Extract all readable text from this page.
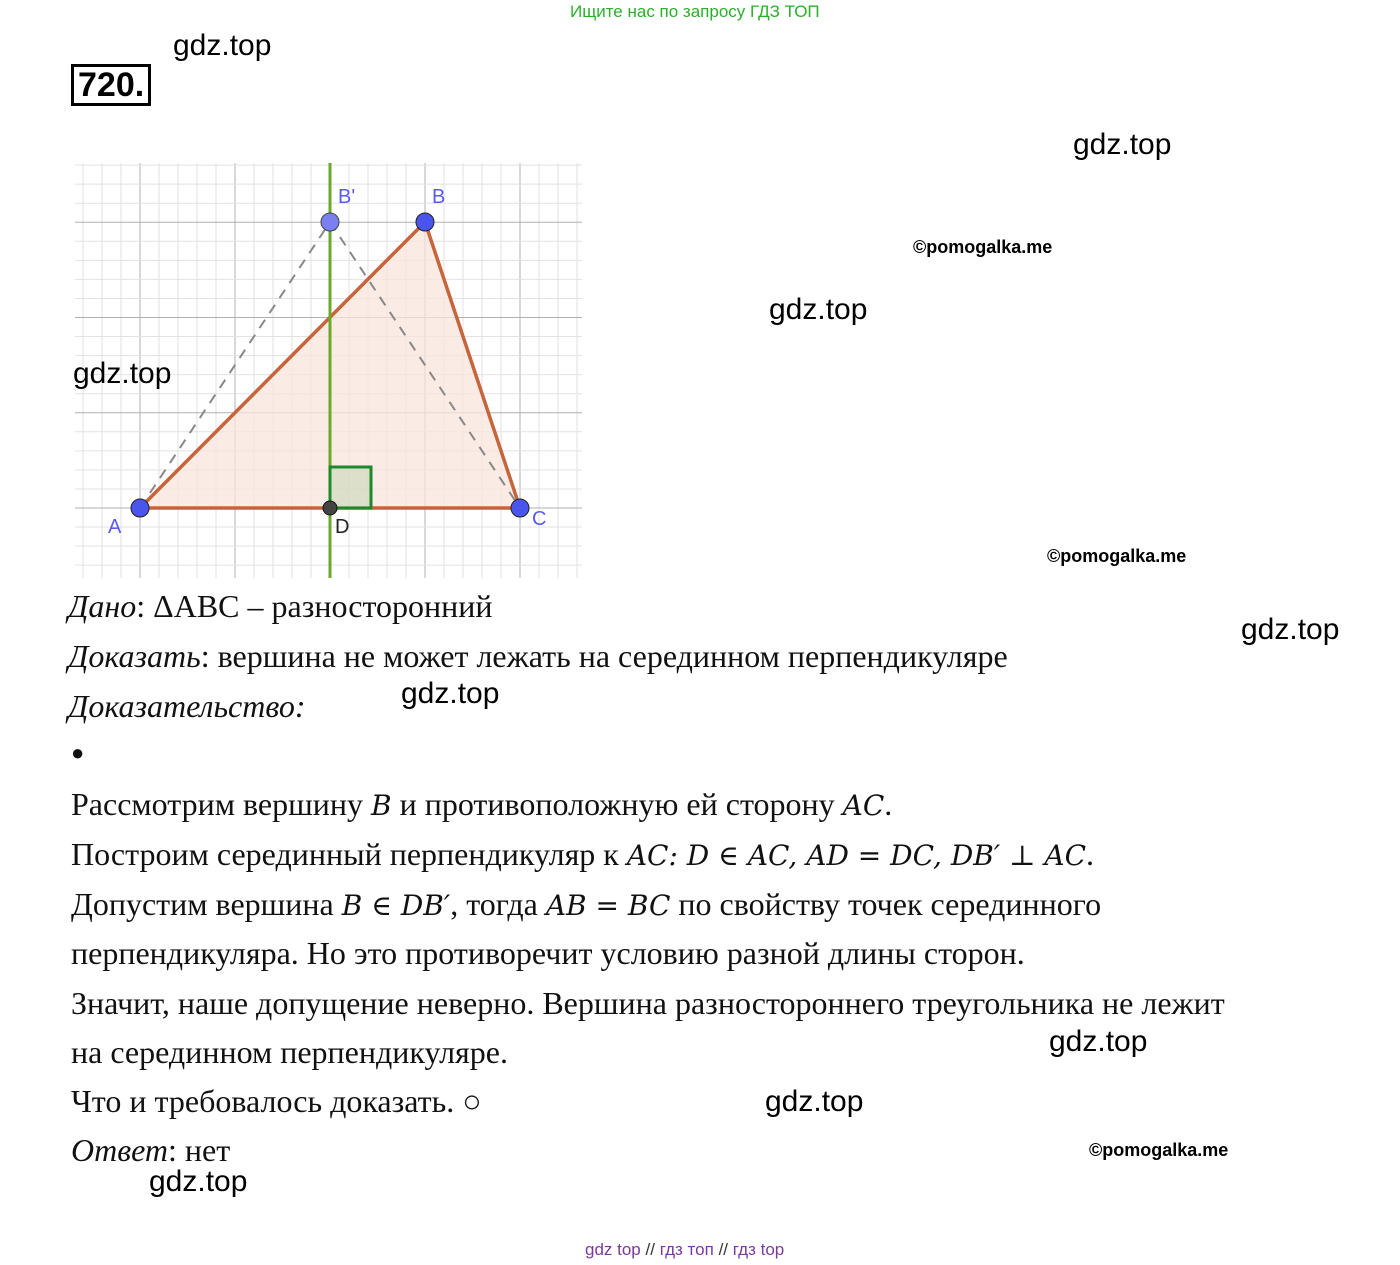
Ищите нас по запросу ГДЗ ТОП
720.
gdz.top
gdz.top
gdz.top
gdz.top
gdz.top
gdz.top
gdz.top
gdz.top
©pomogalka.me
©pomogalka.me
©pomogalka.me
A
B
B'
C
D
gdz.top
Дано: ΔABC – разносторонний
Доказать: вершина не может лежать на серединном перпендикуляре
Доказательство:
●
Рассмотрим вершину B и противоположную ей сторону AC.
Построим серединный перпендикуляр к AC: D ∈ AC, AD = DC, DB′ ⊥ AC.
Допустим вершина B ∈ DB′, тогда AB = BC по свойству точек серединного
перпендикуляра. Но это противоречит условию разной длины сторон.
Значит, наше допущение неверно. Вершина разностороннего треугольника не лежит
на серединном перпендикуляре.
Что и требовалось доказать. ○
Ответ: нет
gdz top // гдз топ // гдз top
